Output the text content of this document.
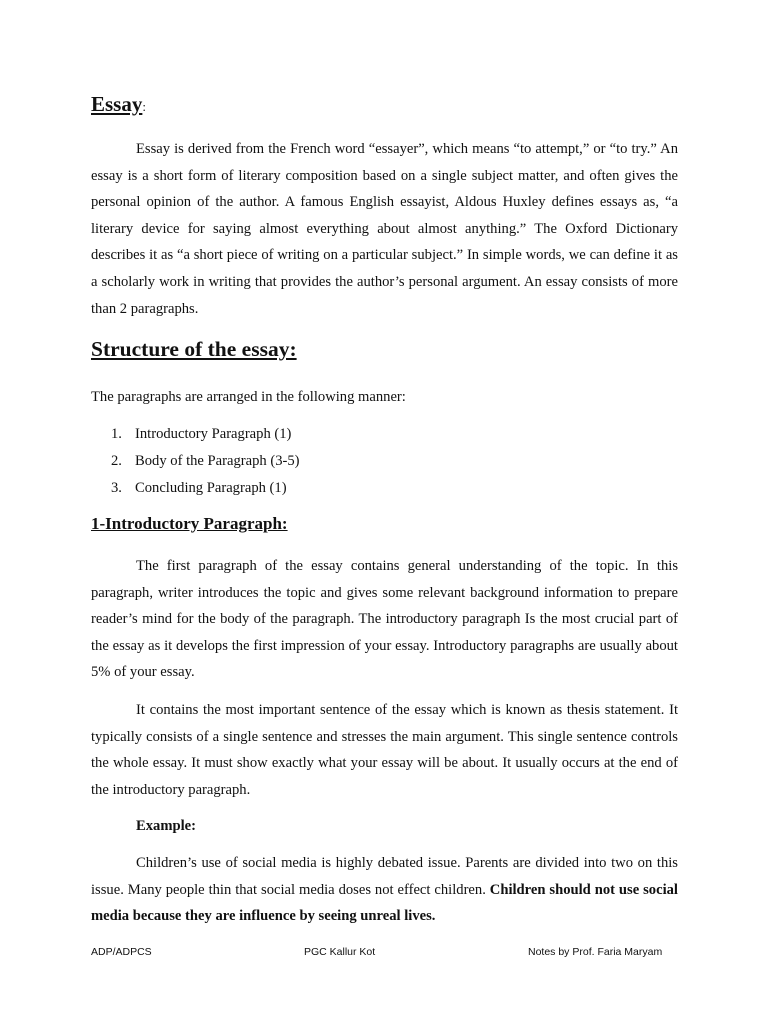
Essay:

Essay is derived from the French word “essayer”, which means “to attempt,” or “to try.” An essay is a short form of literary composition based on a single subject matter, and often gives the personal opinion of the author. A famous English essayist, Aldous Huxley defines essays as, “a literary device for saying almost everything about almost anything.” The Oxford Dictionary describes it as “a short piece of writing on a particular subject.” In simple words, we can define it as a scholarly work in writing that provides the author’s personal argument. An essay consists of more than 2 paragraphs.

Structure of the essay:

The paragraphs are arranged in the following manner:

1. Introductory Paragraph (1)
2. Body of the Paragraph (3-5)
3. Concluding Paragraph (1)
1-Introductory Paragraph:

The first paragraph of the essay contains general understanding of the topic. In this paragraph, writer introduces the topic and gives some relevant background information to prepare reader’s mind for the body of the paragraph. The introductory paragraph Is the most crucial part of the essay as it develops the first impression of your essay. Introductory paragraphs are usually about 5% of your essay.

It contains the most important sentence of the essay which is known as thesis statement. It typically consists of a single sentence and stresses the main argument. This single sentence controls the whole essay. It must show exactly what your essay will be about. It usually occurs at the end of the introductory paragraph.

Example:

Children’s use of social media is highly debated issue. Parents are divided into two on this issue. Many people thin that social media doses not effect children. Children should not use social media because they are influence by seeing unreal lives.

ADP/ADPCS	PGC Kallur Kot	Notes by Prof. Faria Maryam
